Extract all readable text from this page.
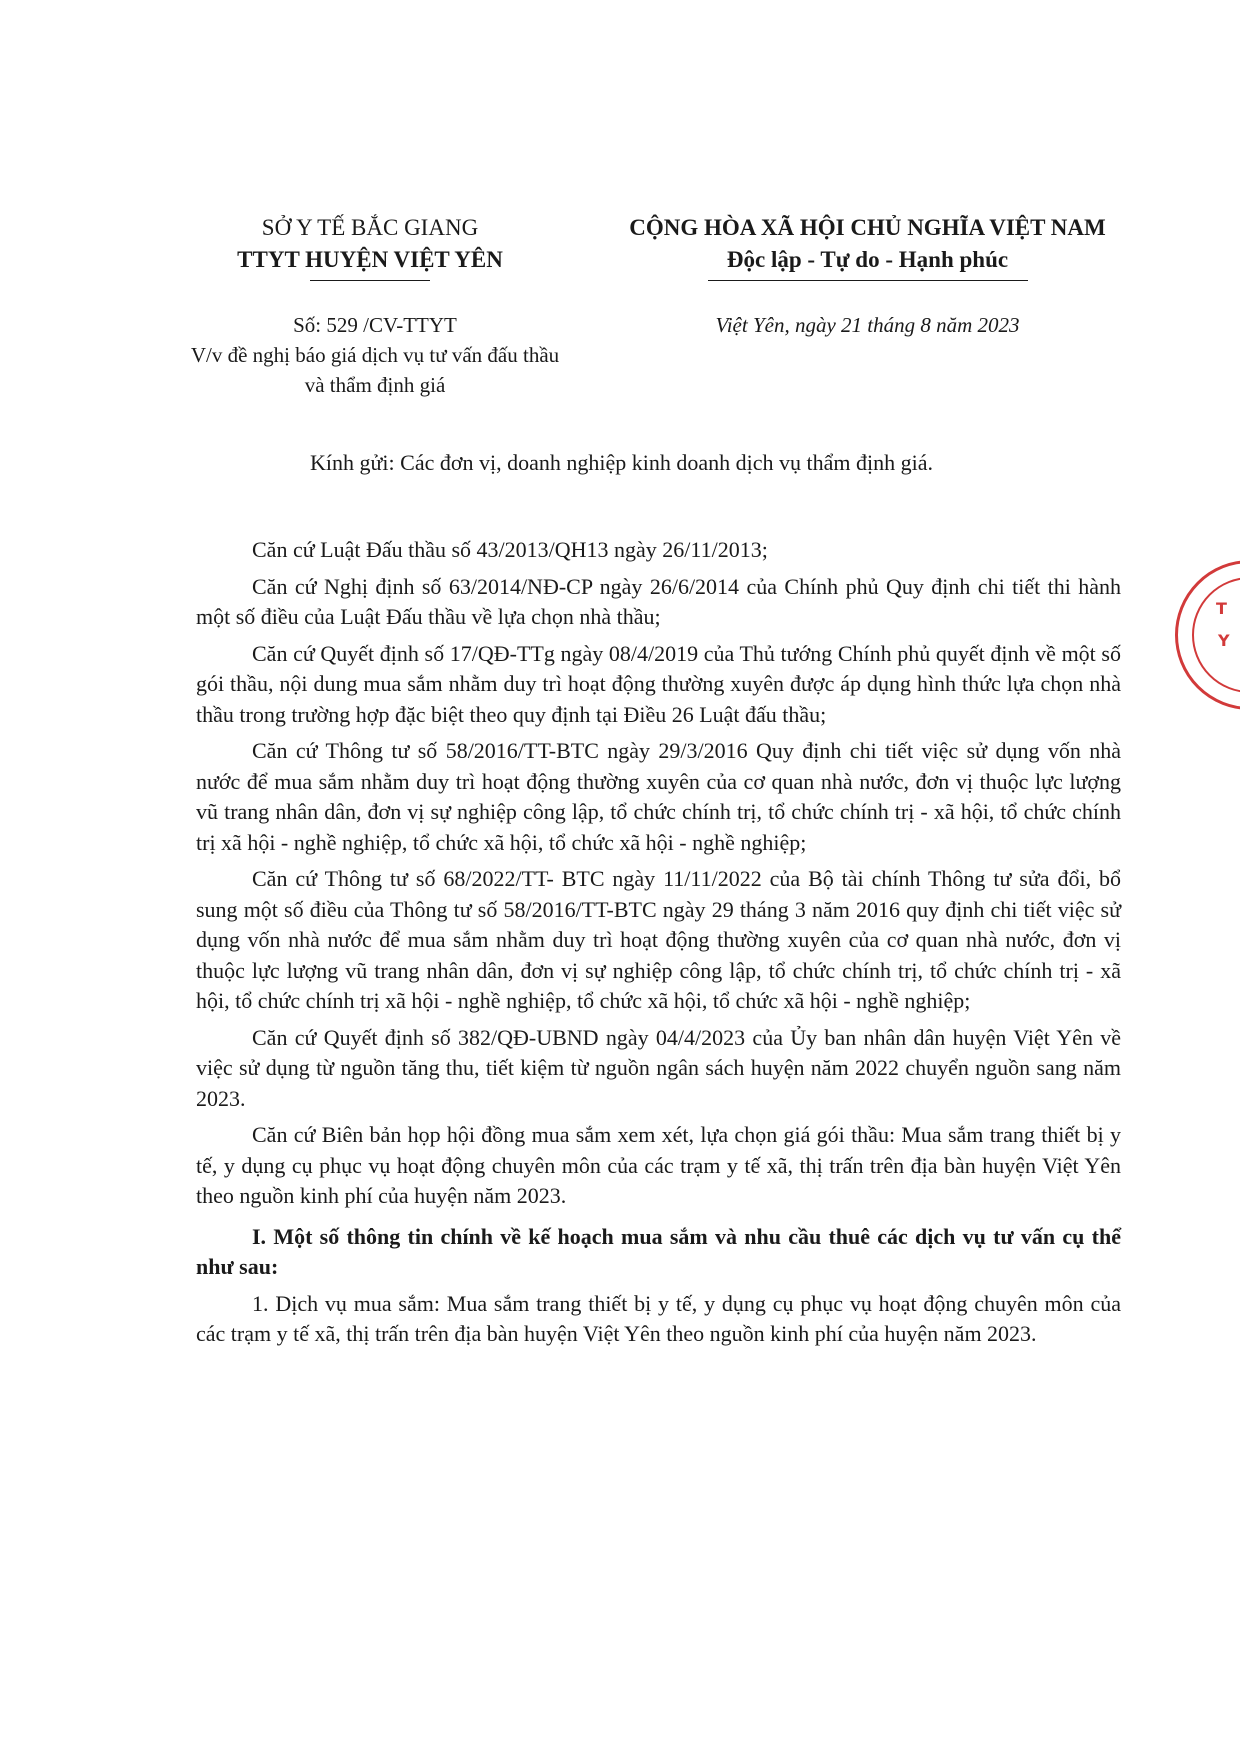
SỞ Y TẾ BẮC GIANG
TTYT HUYỆN VIỆT YÊN
CỘNG HÒA XÃ HỘI CHỦ NGHĨA VIỆT NAM
Độc lập - Tự do - Hạnh phúc
Số: 529 /CV-TTYT
V/v đề nghị báo giá dịch vụ tư vấn đấu thầu
và thẩm định giá
Việt Yên, ngày 21 tháng 8 năm 2023
Kính gửi: Các đơn vị, doanh nghiệp kinh doanh dịch vụ thẩm định giá.

Căn cứ Luật Đấu thầu số 43/2013/QH13 ngày 26/11/2013;

Căn cứ Nghị định số 63/2014/NĐ-CP ngày 26/6/2014 của Chính phủ Quy định chi tiết thi hành một số điều của Luật Đấu thầu về lựa chọn nhà thầu;

Căn cứ Quyết định số 17/QĐ-TTg ngày 08/4/2019 của Thủ tướng Chính phủ quyết định về một số gói thầu, nội dung mua sắm nhằm duy trì hoạt động thường xuyên được áp dụng hình thức lựa chọn nhà thầu trong trường hợp đặc biệt theo quy định tại Điều 26 Luật đấu thầu;

Căn cứ Thông tư số 58/2016/TT-BTC ngày 29/3/2016 Quy định chi tiết việc sử dụng vốn nhà nước để mua sắm nhằm duy trì hoạt động thường xuyên của cơ quan nhà nước, đơn vị thuộc lực lượng vũ trang nhân dân, đơn vị sự nghiệp công lập, tổ chức chính trị, tổ chức chính trị - xã hội, tổ chức chính trị xã hội - nghề nghiệp, tổ chức xã hội, tổ chức xã hội - nghề nghiệp;

Căn cứ Thông tư số 68/2022/TT- BTC ngày 11/11/2022 của Bộ tài chính Thông tư sửa đổi, bổ sung một số điều của Thông tư số 58/2016/TT-BTC ngày 29 tháng 3 năm 2016 quy định chi tiết việc sử dụng vốn nhà nước để mua sắm nhằm duy trì hoạt động thường xuyên của cơ quan nhà nước, đơn vị thuộc lực lượng vũ trang nhân dân, đơn vị sự nghiệp công lập, tổ chức chính trị, tổ chức chính trị - xã hội, tổ chức chính trị xã hội - nghề nghiệp, tổ chức xã hội, tổ chức xã hội - nghề nghiệp;

Căn cứ Quyết định số 382/QĐ-UBND ngày 04/4/2023 của Ủy ban nhân dân huyện Việt Yên về việc sử dụng từ nguồn tăng thu, tiết kiệm từ nguồn ngân sách huyện năm 2022 chuyển nguồn sang năm 2023.

Căn cứ Biên bản họp hội đồng mua sắm xem xét, lựa chọn giá gói thầu: Mua sắm trang thiết bị y tế, y dụng cụ phục vụ hoạt động chuyên môn của các trạm y tế xã, thị trấn trên địa bàn huyện Việt Yên theo nguồn kinh phí của huyện năm 2023.

I. Một số thông tin chính về kế hoạch mua sắm và nhu cầu thuê các dịch vụ tư vấn cụ thể như sau:

1. Dịch vụ mua sắm: Mua sắm trang thiết bị y tế, y dụng cụ phục vụ hoạt động chuyên môn của các trạm y tế xã, thị trấn trên địa bàn huyện Việt Yên theo nguồn kinh phí của huyện năm 2023.

T
Y
